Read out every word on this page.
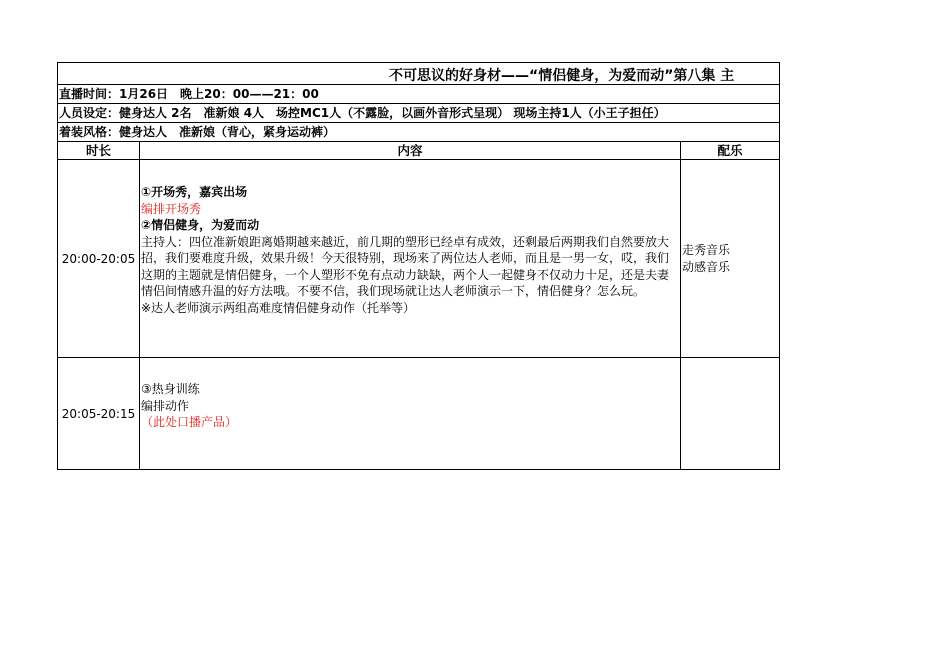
不可思议的好身材——“情侣健身，为爱而动”第八集 主
直播时间：1月26日　晚上20：00——21：00
人员设定：健身达人 2名　准新娘 4人　场控MC1人（不露脸，以画外音形式呈现） 现场主持1人（小王子担任）
着装风格：健身达人　准新娘（背心，紧身运动裤）
时长	内容	配乐
20:00-20:05
①开场秀，嘉宾出场
编排开场秀
②情侣健身，为爱而动
主持人：四位准新娘距离婚期越来越近，前几期的塑形已经卓有成效，还剩最后两期我们自然要放大招，我们要难度升级，效果升级！今天很特别，现场来了两位达人老师，而且是一男一女，哎，我们这期的主题就是情侣健身，一个人塑形不免有点动力缺缺，两个人一起健身不仅动力十足，还是夫妻情侣间情感升温的好方法哦。不要不信，我们现场就让达人老师演示一下，情侣健身？怎么玩。
※达人老师演示两组高难度情侣健身动作（托举等）
走秀音乐
动感音乐
20:05-20:15
③热身训练
编排动作
（此处口播产品）
